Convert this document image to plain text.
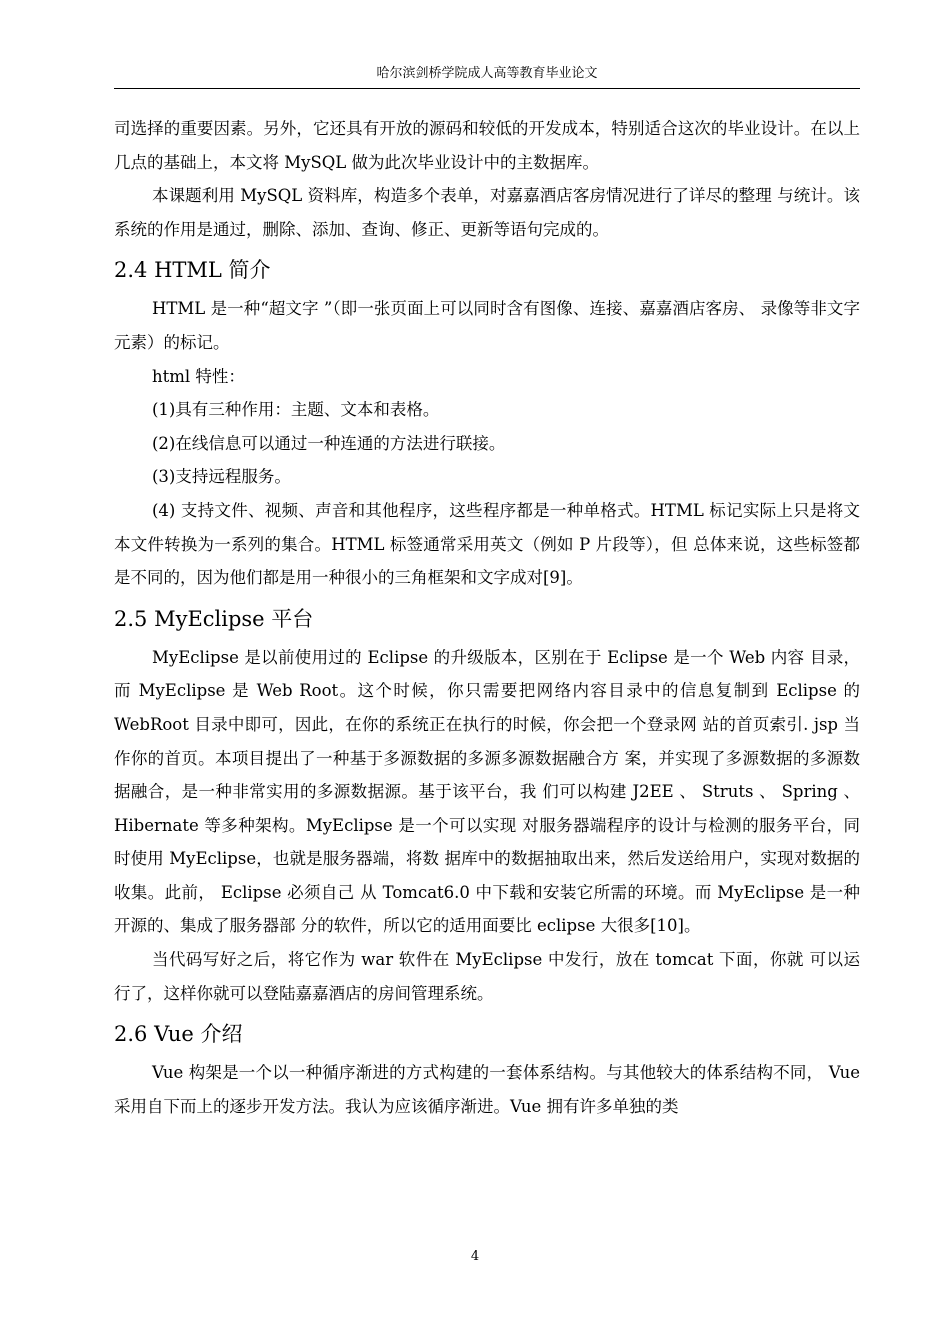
哈尔滨剑桥学院成人高等教育毕业论文

司选择的重要因素。另外，它还具有开放的源码和较低的开发成本，特别适合这次的毕业设计。在以上几点的基础上，本文将 MySQL 做为此次毕业设计中的主数据库。

本课题利用 MySQL 资料库，构造多个表单，对嘉嘉酒店客房情况进行了详尽的整理 与统计。该系统的作用是通过，删除、添加、查询、修正、更新等语句完成的。

2.4 HTML 简介

HTML 是一种“超文字 ”（即一张页面上可以同时含有图像、连接、嘉嘉酒店客房、 录像等非文字元素）的标记。

html 特性：

(1)具有三种作用：主题、文本和表格。

(2)在线信息可以通过一种连通的方法进行联接。

(3)支持远程服务。

(4) 支持文件、视频、声音和其他程序，这些程序都是一种单格式。HTML 标记实际上只是将文本文件转换为一系列的集合。HTML 标签通常采用英文（例如 P 片段等），但 总体来说，这些标签都是不同的，因为他们都是用一种很小的三角框架和文字成对[9]。

2.5 MyEclipse 平台

MyEclipse 是以前使用过的 Eclipse 的升级版本，区别在于 Eclipse 是一个 Web 内容 目录，而 MyEclipse 是 Web Root。这个时候，你只需要把网络内容目录中的信息复制到 Eclipse 的 WebRoot 目录中即可，因此，在你的系统正在执行的时候，你会把一个登录网 站的首页索引. jsp 当作你的首页。本项目提出了一种基于多源数据的多源多源数据融合方 案，并实现了多源数据的多源数据融合，是一种非常实用的多源数据源。基于该平台，我 们可以构建 J2EE 、 Struts 、 Spring 、 Hibernate 等多种架构。MyEclipse 是一个可以实现 对服务器端程序的设计与检测的服务平台，同时使用 MyEclipse，也就是服务器端，将数 据库中的数据抽取出来，然后发送给用户，实现对数据的收集。此前， Eclipse 必须自己 从 Tomcat6.0 中下载和安装它所需的环境。而 MyEclipse 是一种开源的、集成了服务器部 分的软件，所以它的适用面要比 eclipse 大很多[10]。

当代码写好之后，将它作为 war 软件在 MyEclipse 中发行，放在 tomcat 下面，你就 可以运行了，这样你就可以登陆嘉嘉酒店的房间管理系统。

2.6 Vue 介绍

Vue 构架是一个以一种循序渐进的方式构建的一套体系结构。与其他较大的体系结构不同， Vue 采用自下而上的逐步开发方法。我认为应该循序渐进。Vue 拥有许多单独的类

4
